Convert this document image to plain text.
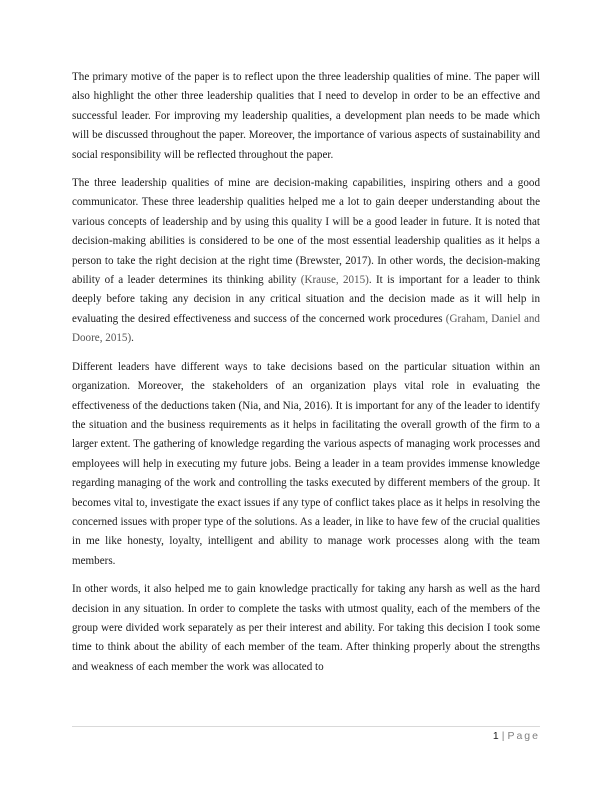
The primary motive of the paper is to reflect upon the three leadership qualities of mine. The paper will also highlight the other three leadership qualities that I need to develop in order to be an effective and successful leader. For improving my leadership qualities, a development plan needs to be made which will be discussed throughout the paper. Moreover, the importance of various aspects of sustainability and social responsibility will be reflected throughout the paper.

The three leadership qualities of mine are decision-making capabilities, inspiring others and a good communicator. These three leadership qualities helped me a lot to gain deeper understanding about the various concepts of leadership and by using this quality I will be a good leader in future. It is noted that decision-making abilities is considered to be one of the most essential leadership qualities as it helps a person to take the right decision at the right time (Brewster, 2017). In other words, the decision-making ability of a leader determines its thinking ability (Krause, 2015). It is important for a leader to think deeply before taking any decision in any critical situation and the decision made as it will help in evaluating the desired effectiveness and success of the concerned work procedures (Graham, Daniel and Doore, 2015).

Different leaders have different ways to take decisions based on the particular situation within an organization. Moreover, the stakeholders of an organization plays vital role in evaluating the effectiveness of the deductions taken (Nia, and Nia, 2016). It is important for any of the leader to identify the situation and the business requirements as it helps in facilitating the overall growth of the firm to a larger extent. The gathering of knowledge regarding the various aspects of managing work processes and employees will help in executing my future jobs. Being a leader in a team provides immense knowledge regarding managing of the work and controlling the tasks executed by different members of the group. It becomes vital to, investigate the exact issues if any type of conflict takes place as it helps in resolving the concerned issues with proper type of the solutions. As a leader, in like to have few of the crucial qualities in me like honesty, loyalty, intelligent and ability to manage work processes along with the team members.

In other words, it also helped me to gain knowledge practically for taking any harsh as well as the hard decision in any situation. In order to complete the tasks with utmost quality, each of the members of the group were divided work separately as per their interest and ability. For taking this decision I took some time to think about the ability of each member of the team. After thinking properly about the strengths and weakness of each member the work was allocated to

1 | Page
